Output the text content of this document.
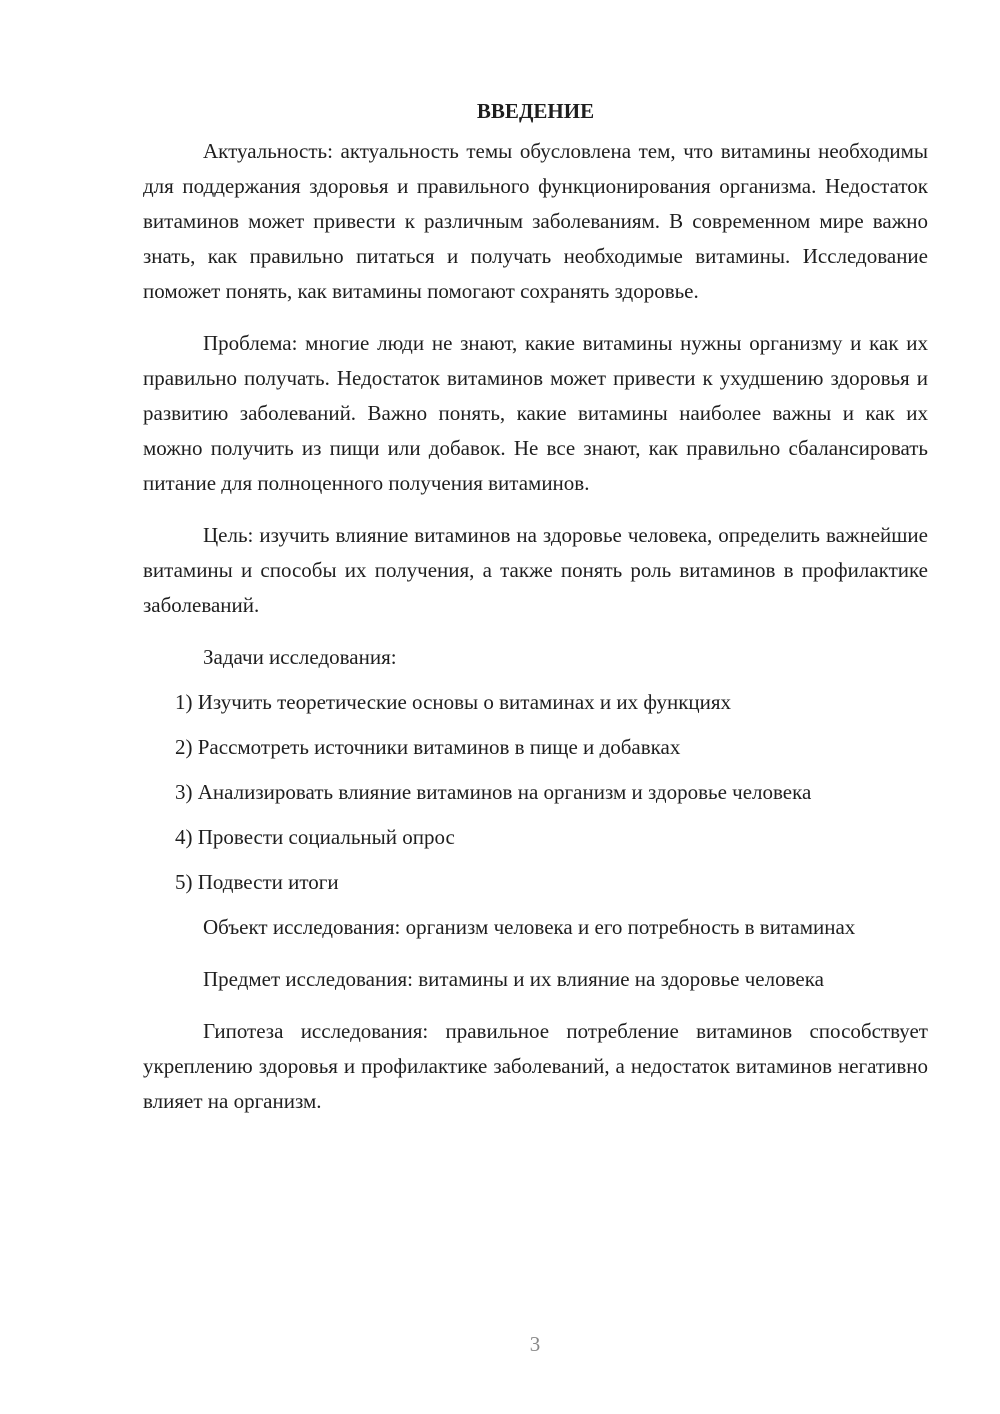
ВВЕДЕНИЕ

Актуальность: актуальность темы обусловлена тем, что витамины необходимы для поддержания здоровья и правильного функционирования организма. Недостаток витаминов может привести к различным заболеваниям. В современном мире важно знать, как правильно питаться и получать необходимые витамины. Исследование поможет понять, как витамины помогают сохранять здоровье.

Проблема: многие люди не знают, какие витамины нужны организму и как их правильно получать. Недостаток витаминов может привести к ухудшению здоровья и развитию заболеваний. Важно понять, какие витамины наиболее важны и как их можно получить из пищи или добавок. Не все знают, как правильно сбалансировать питание для полноценного получения витаминов.

Цель: изучить влияние витаминов на здоровье человека, определить важнейшие витамины и способы их получения, а также понять роль витаминов в профилактике заболеваний.

Задачи исследования:

1) Изучить теоретические основы о витаминах и их функциях

2) Рассмотреть источники витаминов в пище и добавках

3) Анализировать влияние витаминов на организм и здоровье человека

4) Провести социальный опрос

5) Подвести итоги

Объект исследования: организм человека и его потребность в витаминах

Предмет исследования: витамины и их влияние на здоровье человека

Гипотеза исследования: правильное потребление витаминов способствует укреплению здоровья и профилактике заболеваний, а недостаток витаминов негативно влияет на организм.

3
